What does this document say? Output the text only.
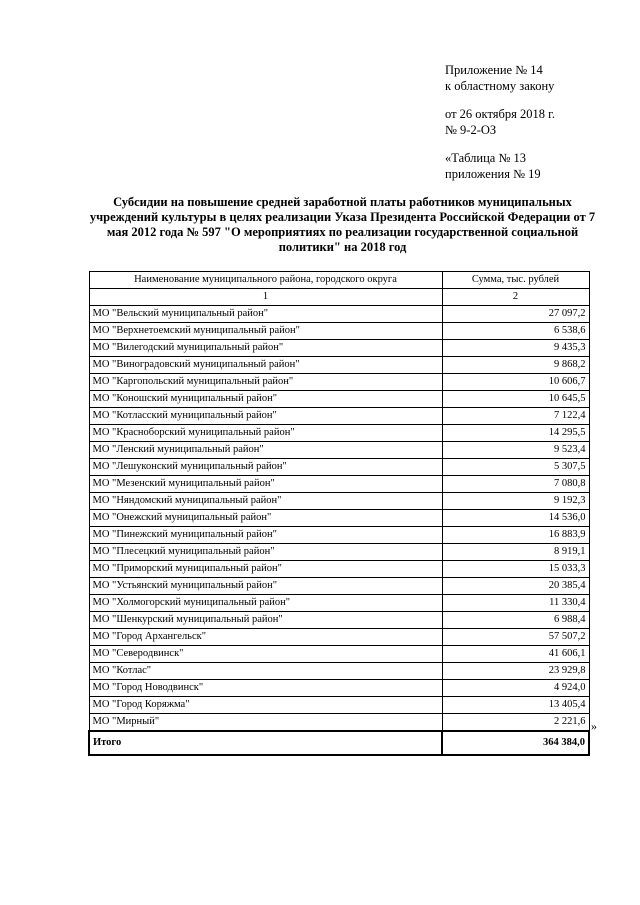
Приложение № 14
к областному закону
от 26 октября 2018 г.
№ 9-2-ОЗ
«Таблица № 13
приложения № 19
Субсидии на повышение средней заработной платы работников муниципальных учреждений культуры в целях реализации Указа Президента Российской Федерации от 7 мая 2012 года № 597 "О мероприятиях по реализации государственной социальной политики" на 2018 год
Наименование муниципального района, городского округа	Сумма, тыс. рублей
1	2
МО "Вельский муниципальный район"	27 097,2
МО "Верхнетоемский муниципальный район"	6 538,6
МО "Вилегодский муниципальный район"	9 435,3
МО "Виноградовский муниципальный район"	9 868,2
МО "Каргопольский муниципальный район"	10 606,7
МО "Коношский муниципальный район"	10 645,5
МО "Котласский муниципальный район"	7 122,4
МО "Красноборский муниципальный район"	14 295,5
МО "Ленский муниципальный район"	9 523,4
МО "Лешуконский муниципальный район"	5 307,5
МО "Мезенский муниципальный район"	7 080,8
МО "Няндомский муниципальный район"	9 192,3
МО "Онежский муниципальный район"	14 536,0
МО "Пинежский муниципальный район"	16 883,9
МО "Плесецкий муниципальный район"	8 919,1
МО "Приморский муниципальный район"	15 033,3
МО "Устьянский муниципальный район"	20 385,4
МО "Холмогорский муниципальный район"	11 330,4
МО "Шенкурский муниципальный район"	6 988,4
МО "Город Архангельск"	57 507,2
МО "Северодвинск"	41 606,1
МО "Котлас"	23 929,8
МО "Город Новодвинск"	4 924,0
МО "Город Коряжма"	13 405,4
МО "Мирный"	2 221,6
Итого	364 384,0
»
